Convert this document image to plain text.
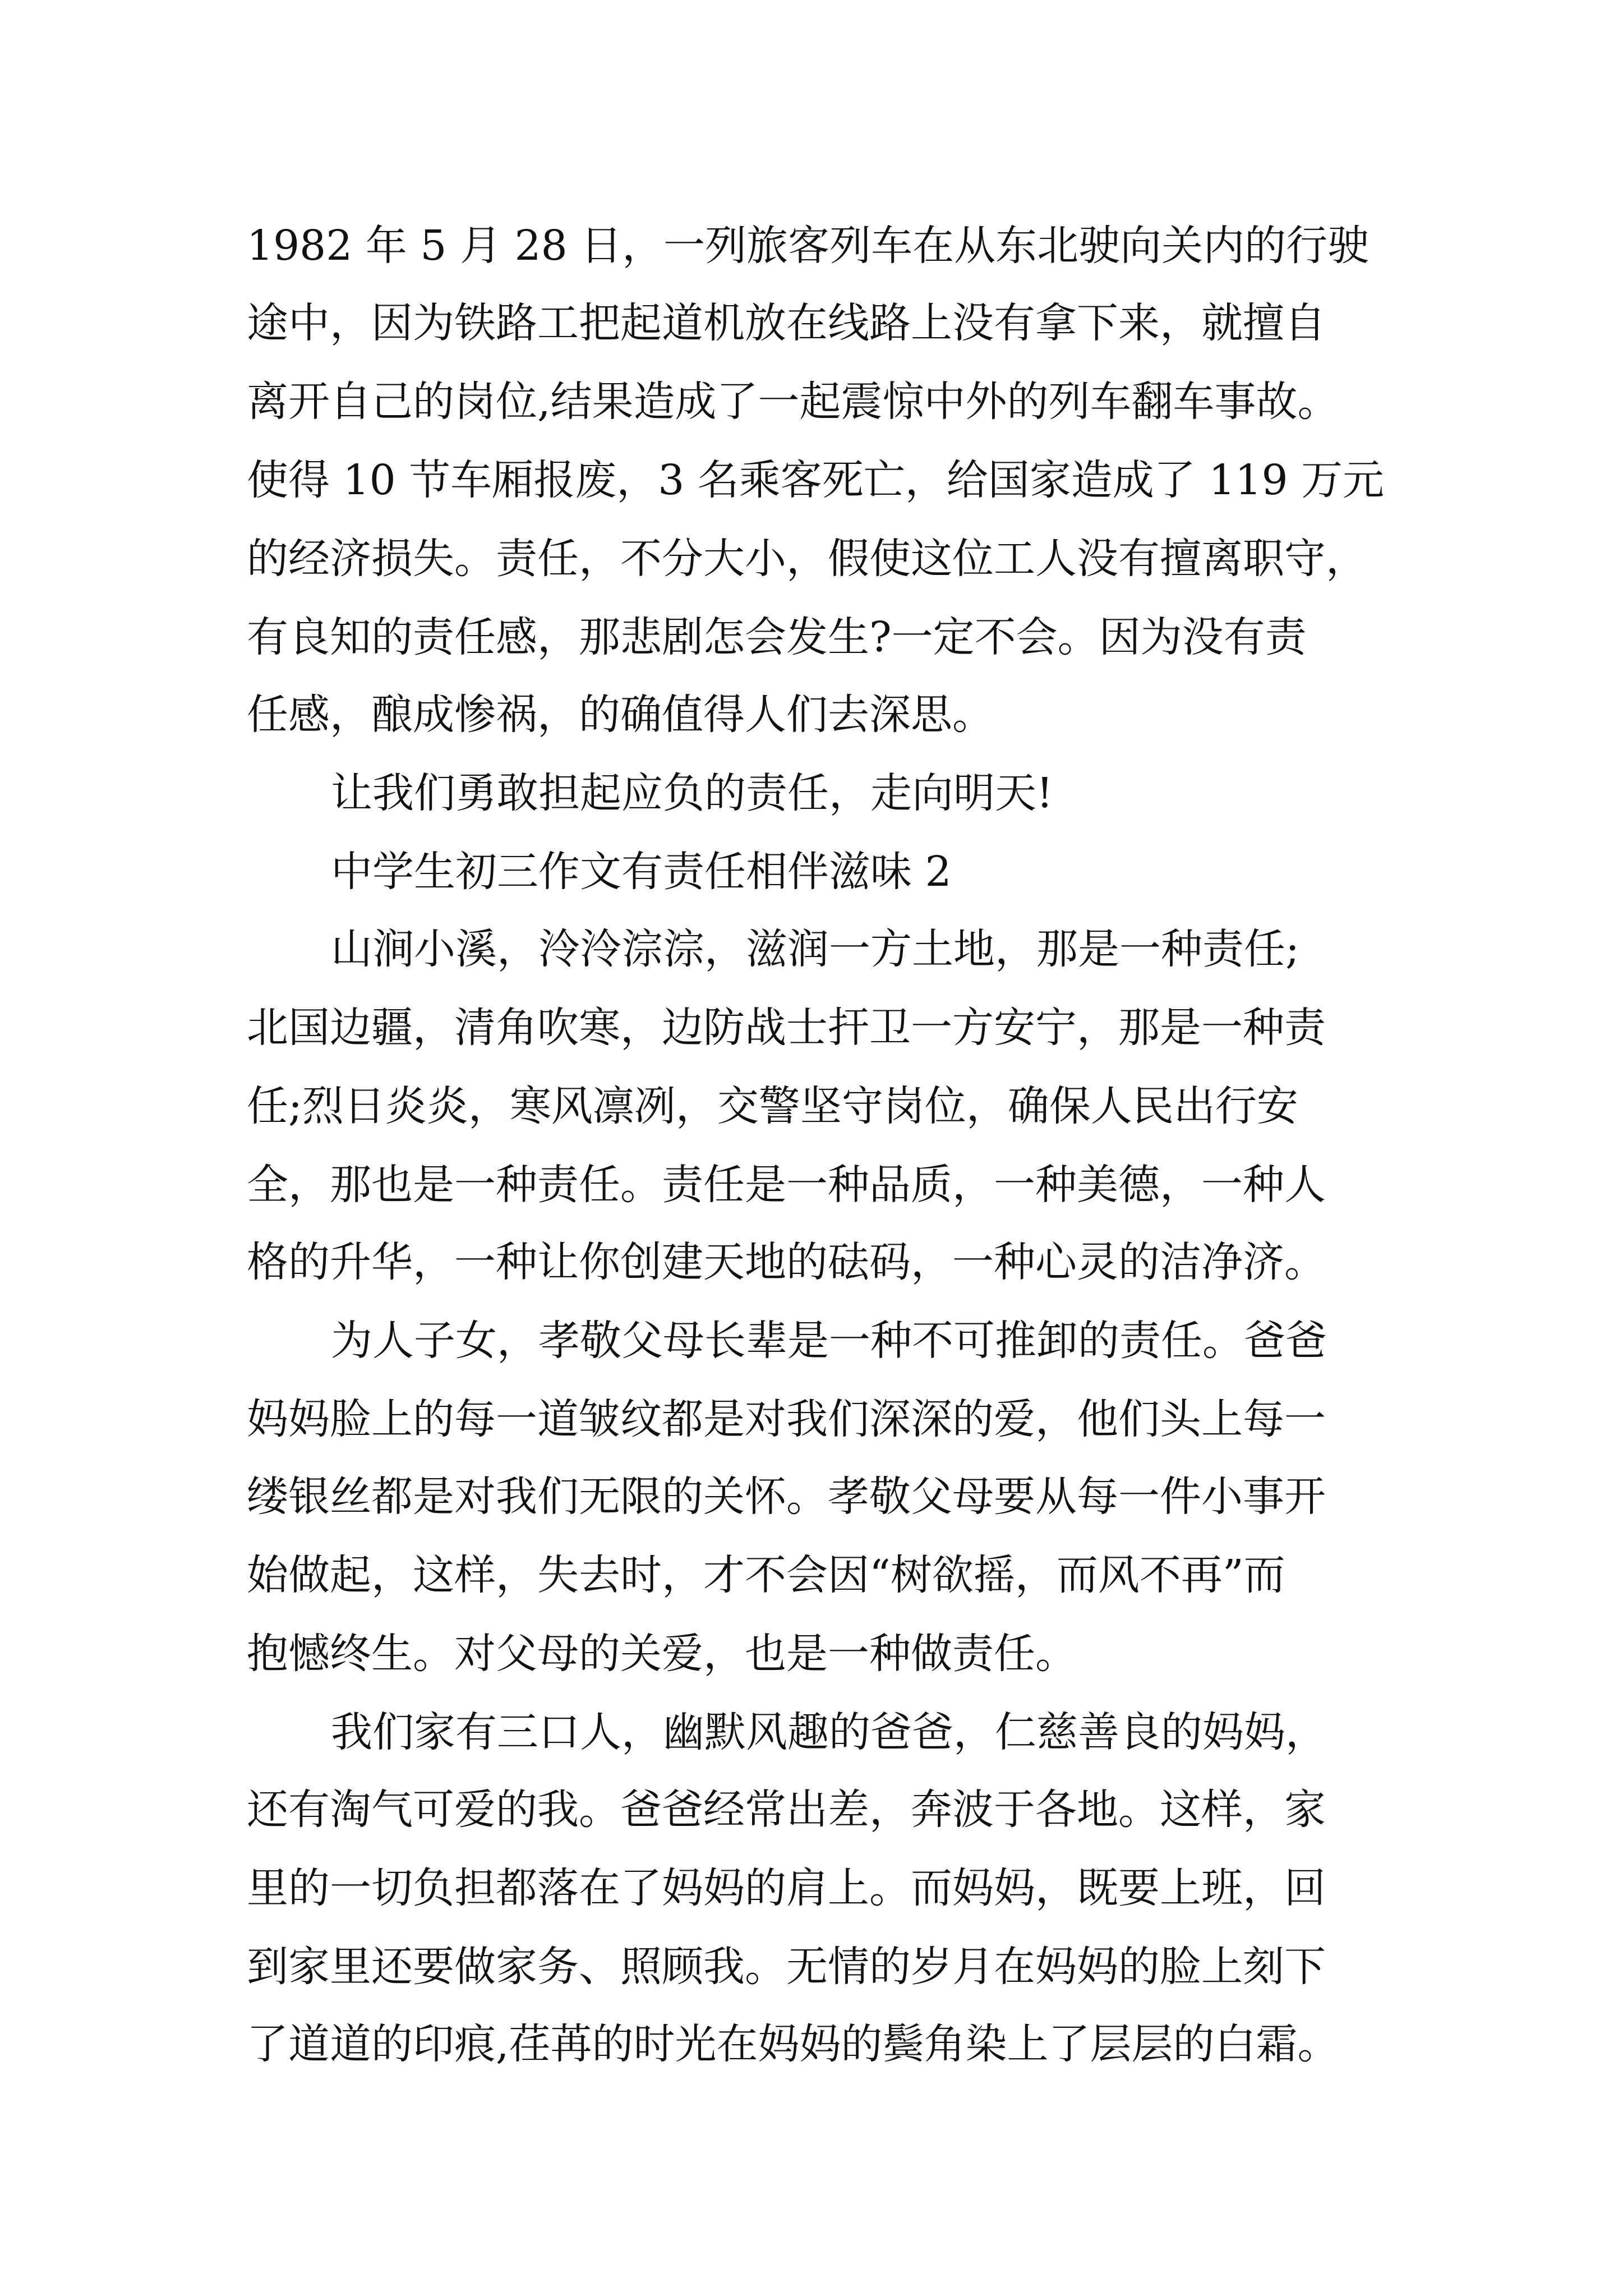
1982 年 5 月 28 日，一列旅客列车在从东北驶向关内的行驶

途中，因为铁路工把起道机放在线路上没有拿下来，就擅自

离开自己的岗位,结果造成了一起震惊中外的列车翻车事故。

使得 10 节车厢报废，3 名乘客死亡，给国家造成了 119 万元

的经济损失。责任，不分大小，假使这位工人没有擅离职守，

有良知的责任感，那悲剧怎会发生?一定不会。因为没有责

任感，酿成惨祸，的确值得人们去深思。

让我们勇敢担起应负的责任，走向明天!

中学生初三作文有责任相伴滋味 2

山涧小溪，泠泠淙淙，滋润一方土地，那是一种责任;

北国边疆，清角吹寒，边防战士扞卫一方安宁，那是一种责

任;烈日炎炎，寒风凛冽，交警坚守岗位，确保人民出行安

全，那也是一种责任。责任是一种品质，一种美德，一种人

格的升华，一种让你创建天地的砝码，一种心灵的洁净济。

为人子女，孝敬父母长辈是一种不可推卸的责任。爸爸

妈妈脸上的每一道皱纹都是对我们深深的爱，他们头上每一

缕银丝都是对我们无限的关怀。孝敬父母要从每一件小事开

始做起，这样，失去时，才不会因“树欲摇，而风不再”而

抱憾终生。对父母的关爱，也是一种做责任。

我们家有三口人，幽默风趣的爸爸，仁慈善良的妈妈，

还有淘气可爱的我。爸爸经常出差，奔波于各地。这样，家

里的一切负担都落在了妈妈的肩上。而妈妈，既要上班，回

到家里还要做家务、照顾我。无情的岁月在妈妈的脸上刻下

了道道的印痕,荏苒的时光在妈妈的鬓角染上了层层的白霜。
